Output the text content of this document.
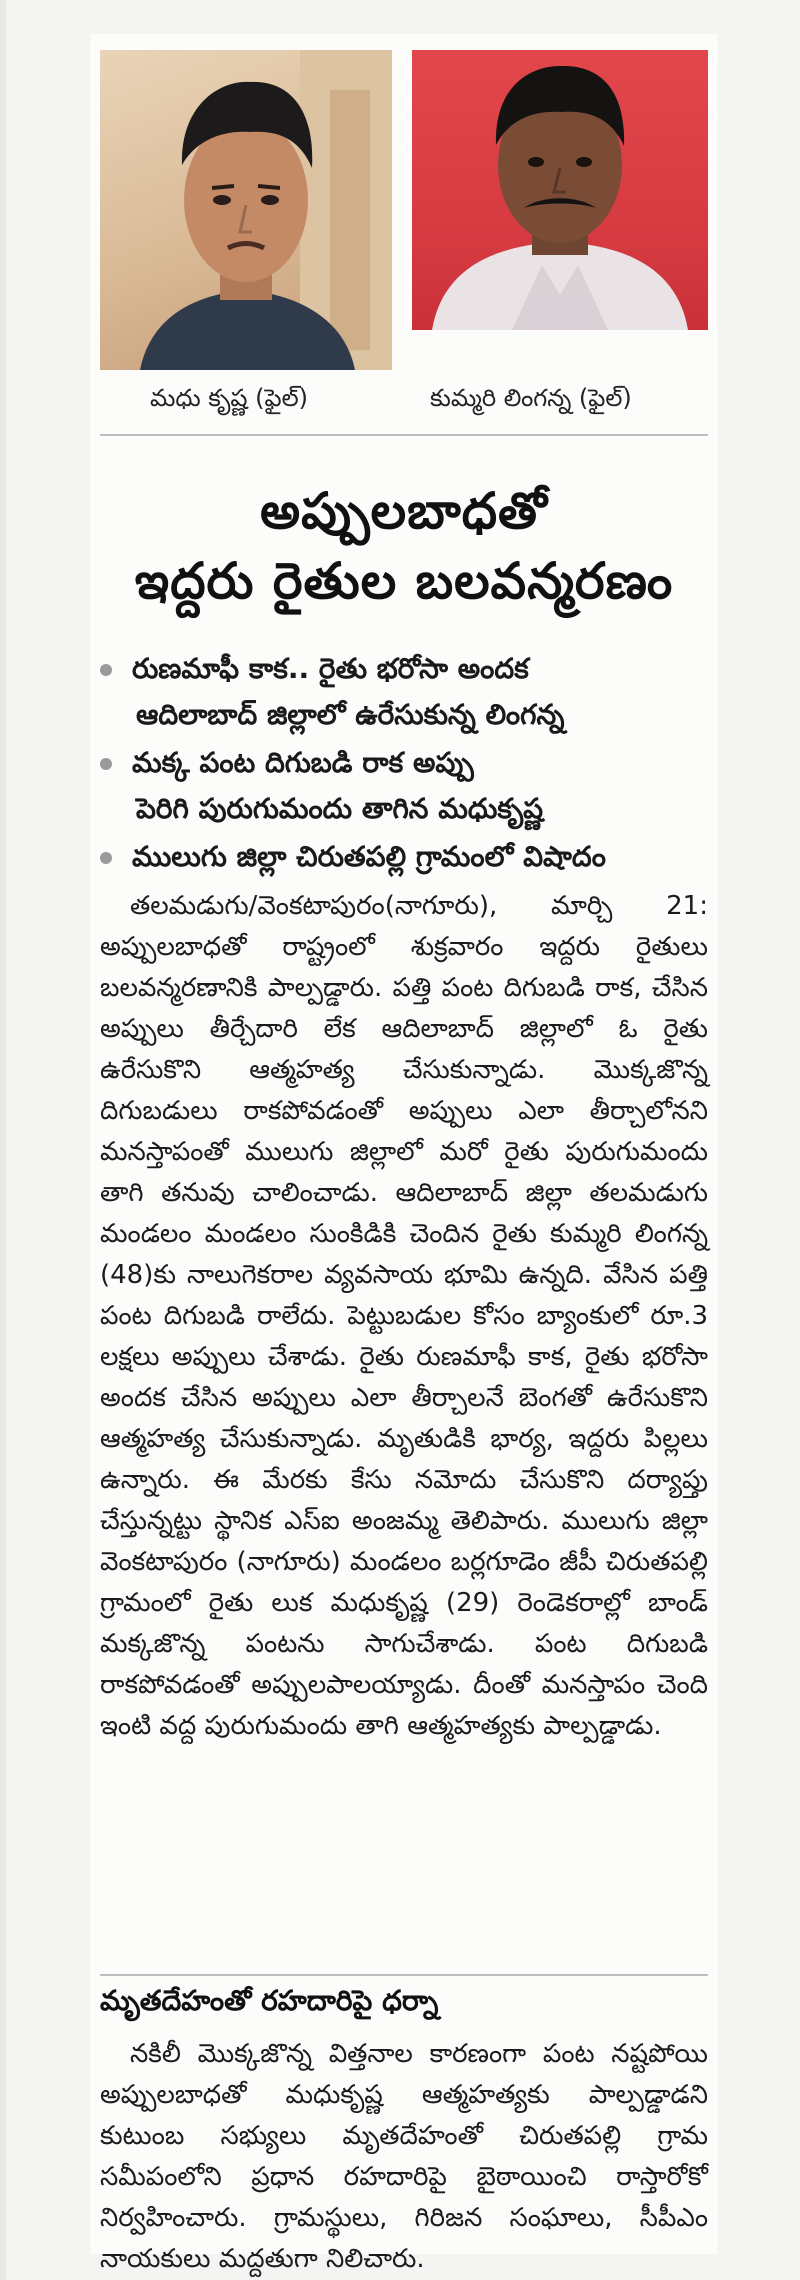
మధు కృష్ణ (ఫైల్)	కుమ్మరి లింగన్న (ఫైల్)
అప్పులబాధతో
ఇద్దరు రైతుల బలవన్మరణం
రుణమాఫీ కాక.. రైతు భరోసా అందక
ఆదిలాబాద్ జిల్లాలో ఉరేసుకున్న లింగన్న
మక్క పంట దిగుబడి రాక అప్పు
పెరిగి పురుగుమందు తాగిన మధుకృష్ణ
ములుగు జిల్లా చిరుతపల్లి గ్రామంలో విషాదం
తలమడుగు/వెంకటాపురం(నాగూరు), మార్చి 21: అప్పులబాధతో రాష్ట్రంలో శుక్రవారం ఇద్దరు రైతులు బలవన్మరణానికి పాల్పడ్డారు. పత్తి పంట దిగుబడి రాక, చేసిన అప్పులు తీర్చేదారి లేక ఆదిలాబాద్ జిల్లాలో ఓ రైతు ఉరేసుకొని ఆత్మహత్య చేసుకున్నాడు. మొక్కజొన్న దిగుబడులు రాకపోవడంతో అప్పులు ఎలా తీర్చాలోనని మనస్తాపంతో ములుగు జిల్లాలో మరో రైతు పురుగుమందు తాగి తనువు చాలించాడు. ఆదిలాబాద్ జిల్లా తలమడుగు మండలం మండలం సుంకిడికి చెందిన రైతు కుమ్మరి లింగన్న (48)కు నాలుగెకరాల వ్యవసాయ భూమి ఉన్నది. వేసిన పత్తి పంట దిగుబడి రాలేదు. పెట్టుబడుల కోసం బ్యాంకులో రూ.3 లక్షలు అప్పులు చేశాడు. రైతు రుణమాఫీ కాక, రైతు భరోసా అందక చేసిన అప్పులు ఎలా తీర్చాలనే బెంగతో ఉరేసుకొని ఆత్మహత్య చేసుకున్నాడు. మృతుడికి భార్య, ఇద్దరు పిల్లలు ఉన్నారు. ఈ మేరకు కేసు నమోదు చేసుకొని దర్యాప్తు చేస్తున్నట్టు స్థానిక ఎస్‌ఐ అంజమ్మ తెలిపారు. ములుగు జిల్లా వెంకటాపురం (నాగూరు) మండలం బర్లగూడెం జీపీ చిరుతపల్లి గ్రామంలో రైతు లుక మధుకృష్ణ (29) రెండెకరాల్లో బాండ్ మక్కజొన్న పంటను సాగుచేశాడు. పంట దిగుబడి రాకపోవడంతో అప్పులపాలయ్యాడు. దీంతో మనస్తాపం చెంది ఇంటి వద్ద పురుగుమందు తాగి ఆత్మహత్యకు పాల్పడ్డాడు.
మృతదేహంతో రహదారిపై ధర్నా
నకిలీ మొక్కజొన్న విత్తనాల కారణంగా పంట నష్టపోయి అప్పులబాధతో మధుకృష్ణ ఆత్మహత్యకు పాల్పడ్డాడని కుటుంబ సభ్యులు మృతదేహంతో చిరుతపల్లి గ్రామ సమీపంలోని ప్రధాన రహదారిపై బైఠాయించి రాస్తారోకో నిర్వహించారు. గ్రామస్థులు, గిరిజన సంఘాలు, సీపీఎం నాయకులు మద్దతుగా నిలిచారు.
